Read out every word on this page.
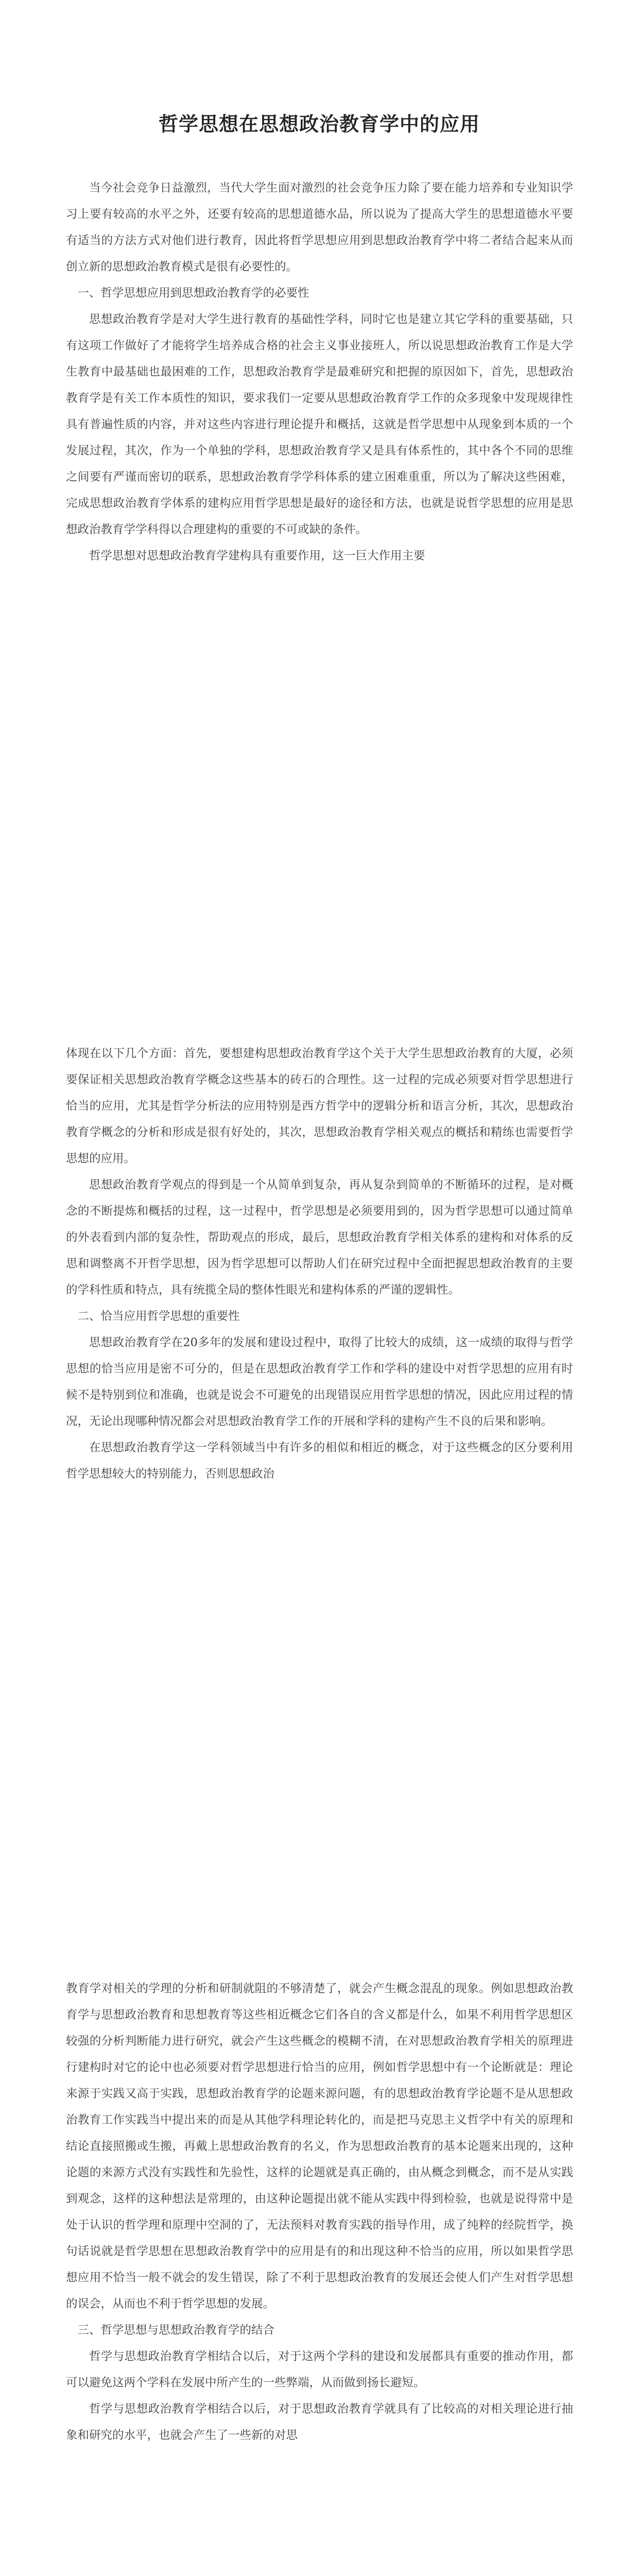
哲学思想在思想政治教育学中的应用

当今社会竞争日益激烈，当代大学生面对激烈的社会竞争压力除了要在能力培养和专业知识学习上要有较高的水平之外，还要有较高的思想道德水品，所以说为了提高大学生的思想道德水平要有适当的方法方式对他们进行教育，因此将哲学思想应用到思想政治教育学中将二者结合起来从而创立新的思想政治教育模式是很有必要性的。

一、哲学思想应用到思想政治教育学的必要性

思想政治教育学是对大学生进行教育的基础性学科，同时它也是建立其它学科的重要基础，只有这项工作做好了才能将学生培养成合格的社会主义事业接班人，所以说思想政治教育工作是大学生教育中最基础也最困难的工作，思想政治教育学是最难研究和把握的原因如下，首先，思想政治教育学是有关工作本质性的知识，要求我们一定要从思想政治教育学工作的众多现象中发现规律性具有普遍性质的内容，并对这些内容进行理论提升和概括，这就是哲学思想中从现象到本质的一个发展过程，其次，作为一个单独的学科，思想政治教育学又是具有体系性的，其中各个不同的思维之间要有严谨而密切的联系，思想政治教育学学科体系的建立困难重重，所以为了解决这些困难，完成思想政治教育学体系的建构应用哲学思想是最好的途径和方法，也就是说哲学思想的应用是思想政治教育学学科得以合理建构的重要的不可或缺的条件。

哲学思想对思想政治教育学建构具有重要作用，这一巨大作用主要

体现在以下几个方面：首先，要想建构思想政治教育学这个关于大学生思想政治教育的大厦，必须要保证相关思想政治教育学概念这些基本的砖石的合理性。这一过程的完成必须要对哲学思想进行恰当的应用，尤其是哲学分析法的应用特别是西方哲学中的逻辑分析和语言分析，其次，思想政治教育学概念的分析和形成是很有好处的，其次，思想政治教育学相关观点的概括和精练也需要哲学思想的应用。

思想政治教育学观点的得到是一个从简单到复杂，再从复杂到简单的不断循环的过程，是对概念的不断提炼和概括的过程，这一过程中，哲学思想是必须要用到的，因为哲学思想可以通过简单的外表看到内部的复杂性，帮助观点的形成，最后，思想政治教育学相关体系的建构和对体系的反思和调整离不开哲学思想，因为哲学思想可以帮助人们在研究过程中全面把握思想政治教育的主要的学科性质和特点，具有统揽全局的整体性眼光和建构体系的严谨的逻辑性。

二、恰当应用哲学思想的重要性

思想政治教育学在20多年的发展和建设过程中，取得了比较大的成绩，这一成绩的取得与哲学思想的恰当应用是密不可分的，但是在思想政治教育学工作和学科的建设中对哲学思想的应用有时候不是特别到位和准确，也就是说会不可避免的出现错误应用哲学思想的情况，因此应用过程的情况，无论出现哪种情况都会对思想政治教育学工作的开展和学科的建构产生不良的后果和影响。

在思想政治教育学这一学科领域当中有许多的相似和相近的概念，对于这些概念的区分要利用哲学思想较大的特别能力，否则思想政治

教育学对相关的学理的分析和研制就阻的不够清楚了，就会产生概念混乱的现象。例如思想政治教育学与思想政治教育和思想教育等这些相近概念它们各自的含义都是什么，如果不利用哲学思想区较强的分析判断能力进行研究，就会产生这些概念的模糊不清，在对思想政治教育学相关的原理进行建构时对它的论中也必须要对哲学思想进行恰当的应用，例如哲学思想中有一个论断就是：理论来源于实践又高于实践，思想政治教育学的论题来源问题，有的思想政治教育学论题不是从思想政治教育工作实践当中提出来的而是从其他学科理论转化的，而是把马克思主义哲学中有关的原理和结论直接照搬或生搬，再戴上思想政治教育的名义，作为思想政治教育的基本论题来出现的，这种论题的来源方式没有实践性和先验性，这样的论题就是真正确的，由从概念到概念，而不是从实践到观念，这样的这种想法是常理的，由这种论题提出就不能从实践中得到检验，也就是说得常中是处于认识的哲学理和原理中空洞的了，无法预料对教育实践的指导作用，成了纯粹的经院哲学，换句话说就是哲学思想在思想政治教育学中的应用是有的和出现这种不恰当的应用，所以如果哲学思想应用不恰当一般不就会的发生错误，除了不利于思想政治教育的发展还会使人们产生对哲学思想的误会，从而也不利于哲学思想的发展。

三、哲学思想与思想政治教育学的结合

哲学与思想政治教育学相结合以后，对于这两个学科的建设和发展都具有重要的推动作用，都可以避免这两个学科在发展中所产生的一些弊端，从而做到扬长避短。

哲学与思想政治教育学相结合以后，对于思想政治教育学就具有了比较高的对相关理论进行抽象和研究的水平，也就会产生了一些新的对思
